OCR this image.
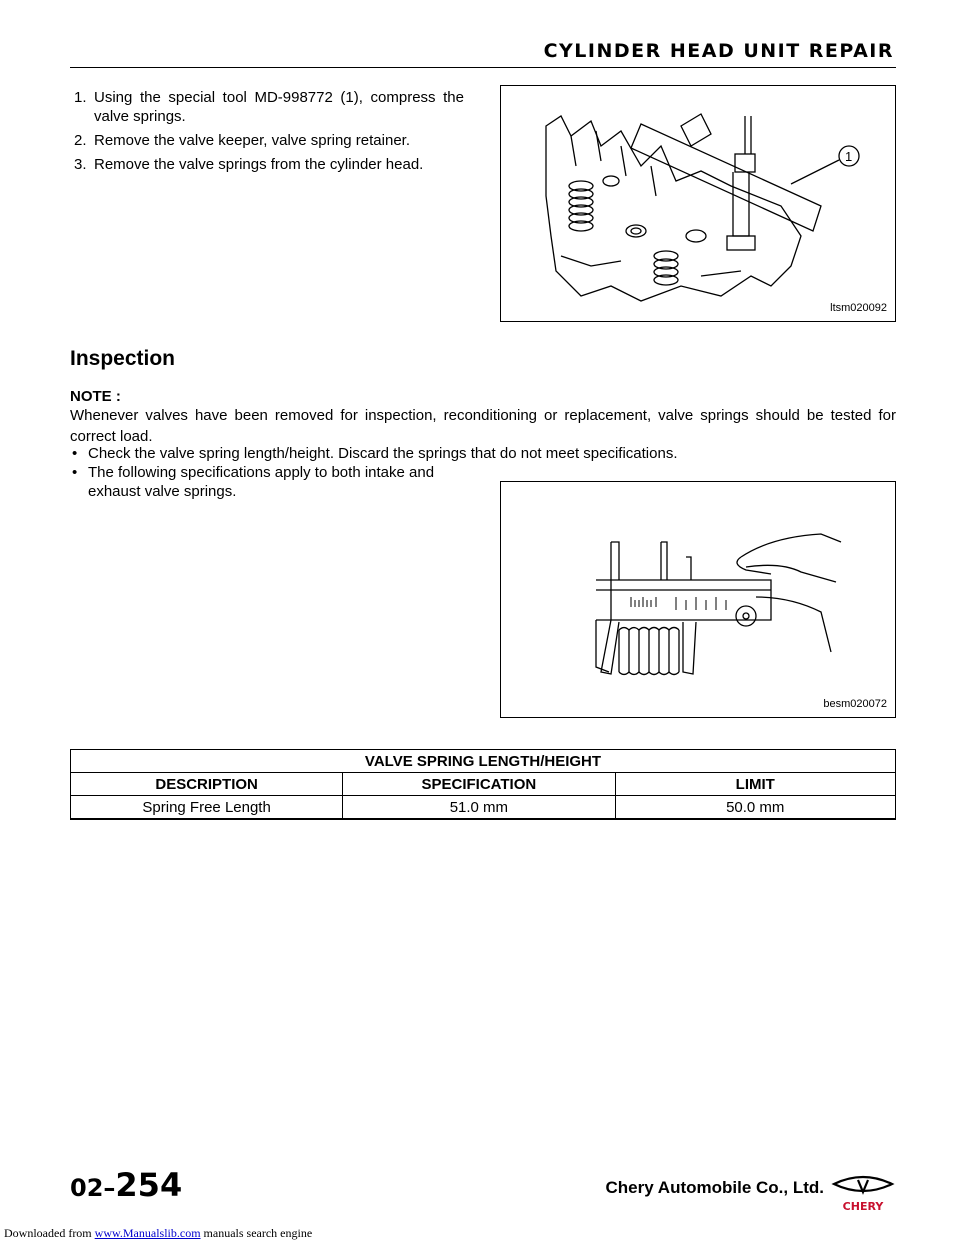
CYLINDER HEAD UNIT REPAIR
1. Using the special tool MD-998772 (1), compress the valve springs.
2. Remove the valve keeper, valve spring retainer.
3. Remove the valve springs from the cylinder head.	1
ltsm020092
Inspection
NOTE :
Whenever valves have been removed for inspection, reconditioning or replacement, valve springs should be tested for correct load.
• Check the valve spring length/height. Discard the springs that do not meet specifications.
• The following specifications apply to both intake and exhaust valve springs.
besm020072
VALVE SPRING LENGTH/HEIGHT		
DESCRIPTION	SPECIFICATION	LIMIT
Spring Free Length	51.0 mm	50.0 mm
02–254	Chery Automobile Co., Ltd.
CHERY
Downloaded from www.Manualslib.com manuals search engine
